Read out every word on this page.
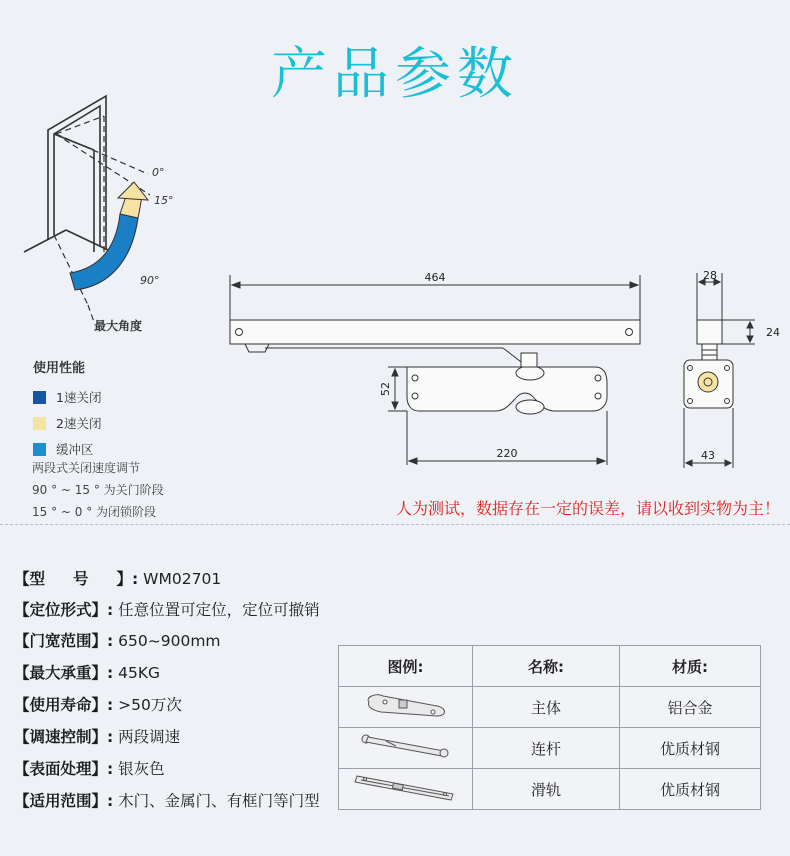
产品参数
0°
15°
90°
最大角度
使用性能
1速关闭
2速关闭
缓冲区
两段式关闭速度调节
90 ° ~ 15 ° 为关门阶段
15 ° ~ 0 ° 为闭锁阶段
464
52
220
28
24
43
人为测试，数据存在一定的误差，请以收到实物为主！
【型号】: WM02701
【定位形式】: 任意位置可定位，定位可撤销
【门宽范围】: 650~900mm
【最大承重】: 45KG
【使用寿命】: >50万次
【调速控制】: 两段调速
【表面处理】: 银灰色
【适用范围】: 木门、金属门、有框门等门型
图例:	名称:	材质:
	主体	铝合金
	连杆	优质材钢
	滑轨	优质材钢
